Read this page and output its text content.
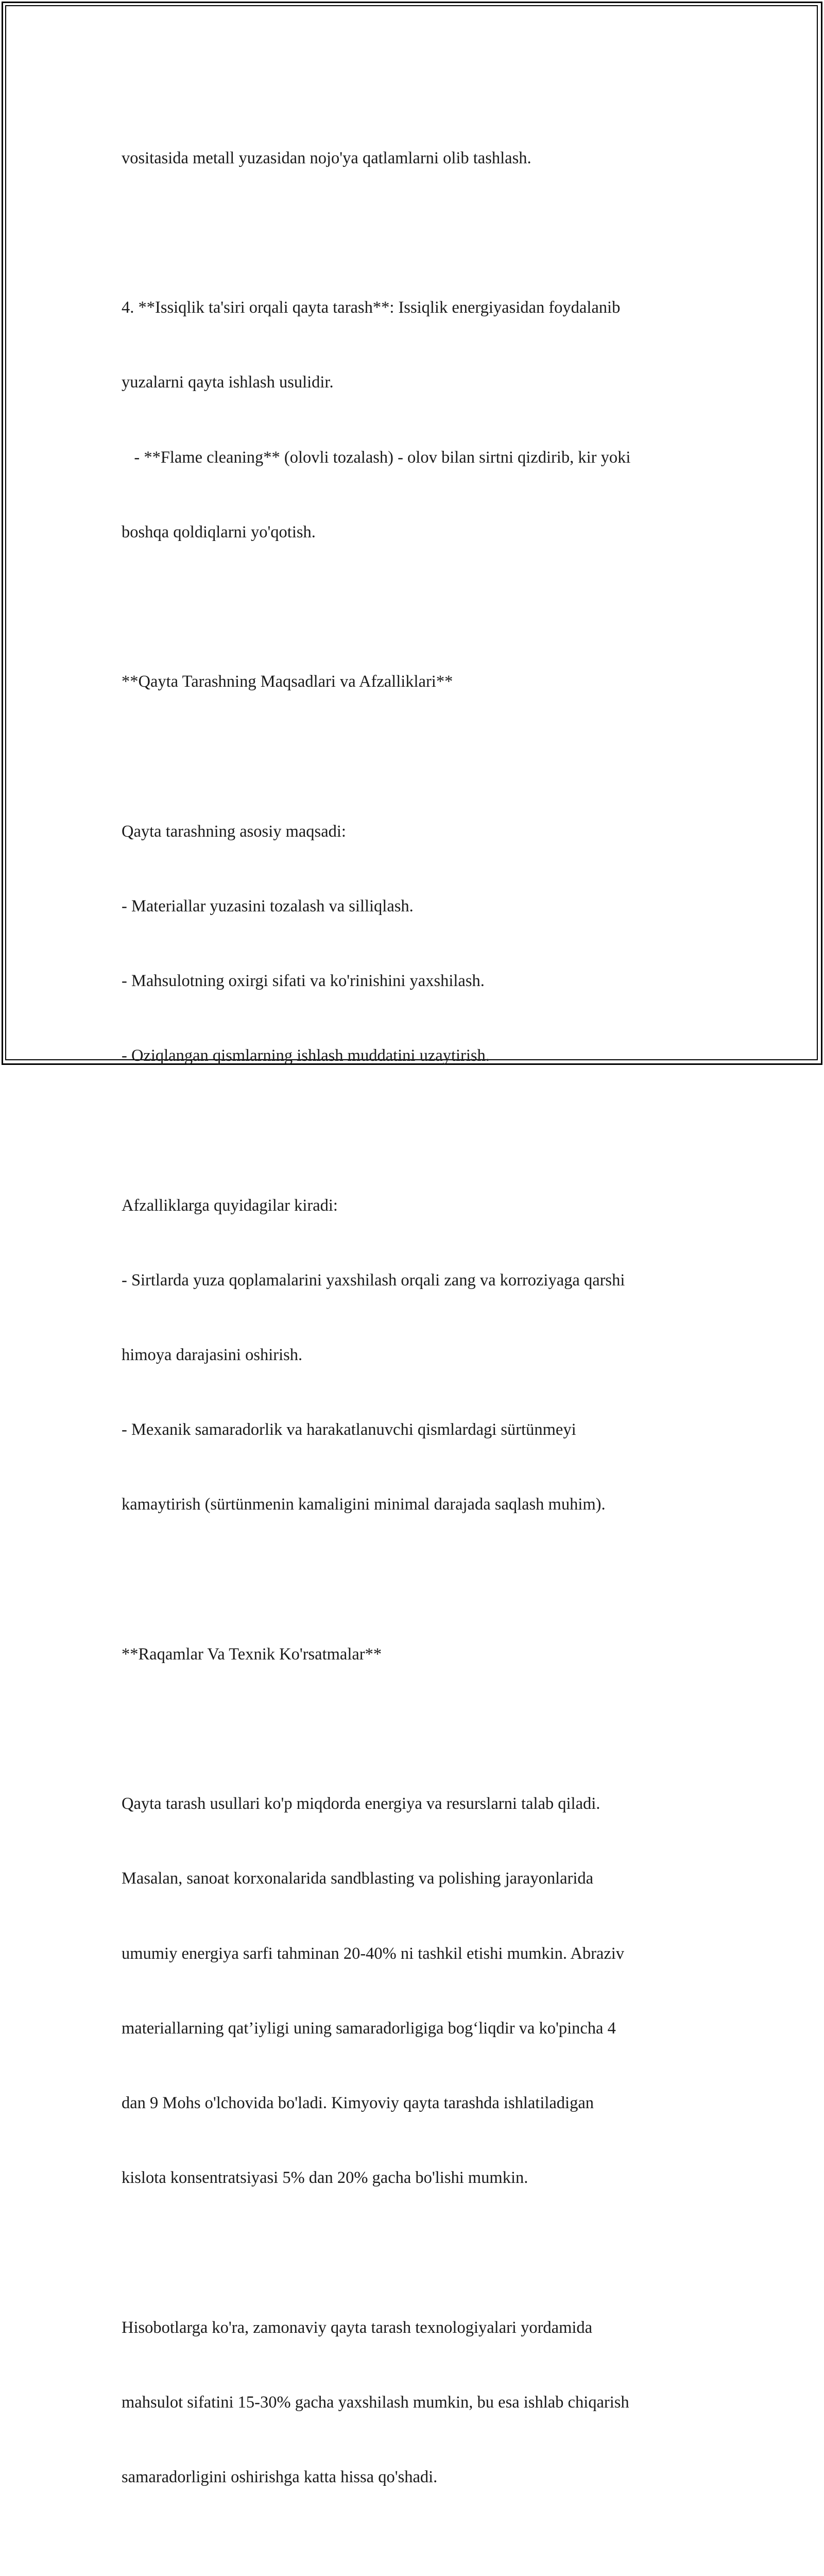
vositasida metall yuzasidan nojo'ya qatlamlarni olib tashlash.

4. **Issiqlik ta'siri orqali qayta tarash**: Issiqlik energiyasidan foydalanib

yuzalarni qayta ishlash usulidir.

- **Flame cleaning** (olovli tozalash) - olov bilan sirtni qizdirib, kir yoki

boshqa qoldiqlarni yo'qotish.

**Qayta Tarashning Maqsadlari va Afzalliklari**

Qayta tarashning asosiy maqsadi:

- Materiallar yuzasini tozalash va silliqlash.

- Mahsulotning oxirgi sifati va ko'rinishini yaxshilash.

- Oziqlangan qismlarning ishlash muddatini uzaytirish.

Afzalliklarga quyidagilar kiradi:

- Sirtlarda yuza qoplamalarini yaxshilash orqali zang va korroziyaga qarshi

himoya darajasini oshirish.

- Mexanik samaradorlik va harakatlanuvchi qismlardagi sürtünmeyi

kamaytirish (sürtünmenin kamaligini minimal darajada saqlash muhim).

**Raqamlar Va Texnik Ko'rsatmalar**

Qayta tarash usullari ko'p miqdorda energiya va resurslarni talab qiladi.

Masalan, sanoat korxonalarida sandblasting va polishing jarayonlarida

umumiy energiya sarfi tahminan 20-40% ni tashkil etishi mumkin. Abraziv

materiallarning qat’iyligi uning samaradorligiga bog‘liqdir va ko'pincha 4

dan 9 Mohs o'lchovida bo'ladi. Kimyoviy qayta tarashda ishlatiladigan

kislota konsentratsiyasi 5% dan 20% gacha bo'lishi mumkin.

Hisobotlarga ko'ra, zamonaviy qayta tarash texnologiyalari yordamida

mahsulot sifatini 15-30% gacha yaxshilash mumkin, bu esa ishlab chiqarish

samaradorligini oshirishga katta hissa qo'shadi.
